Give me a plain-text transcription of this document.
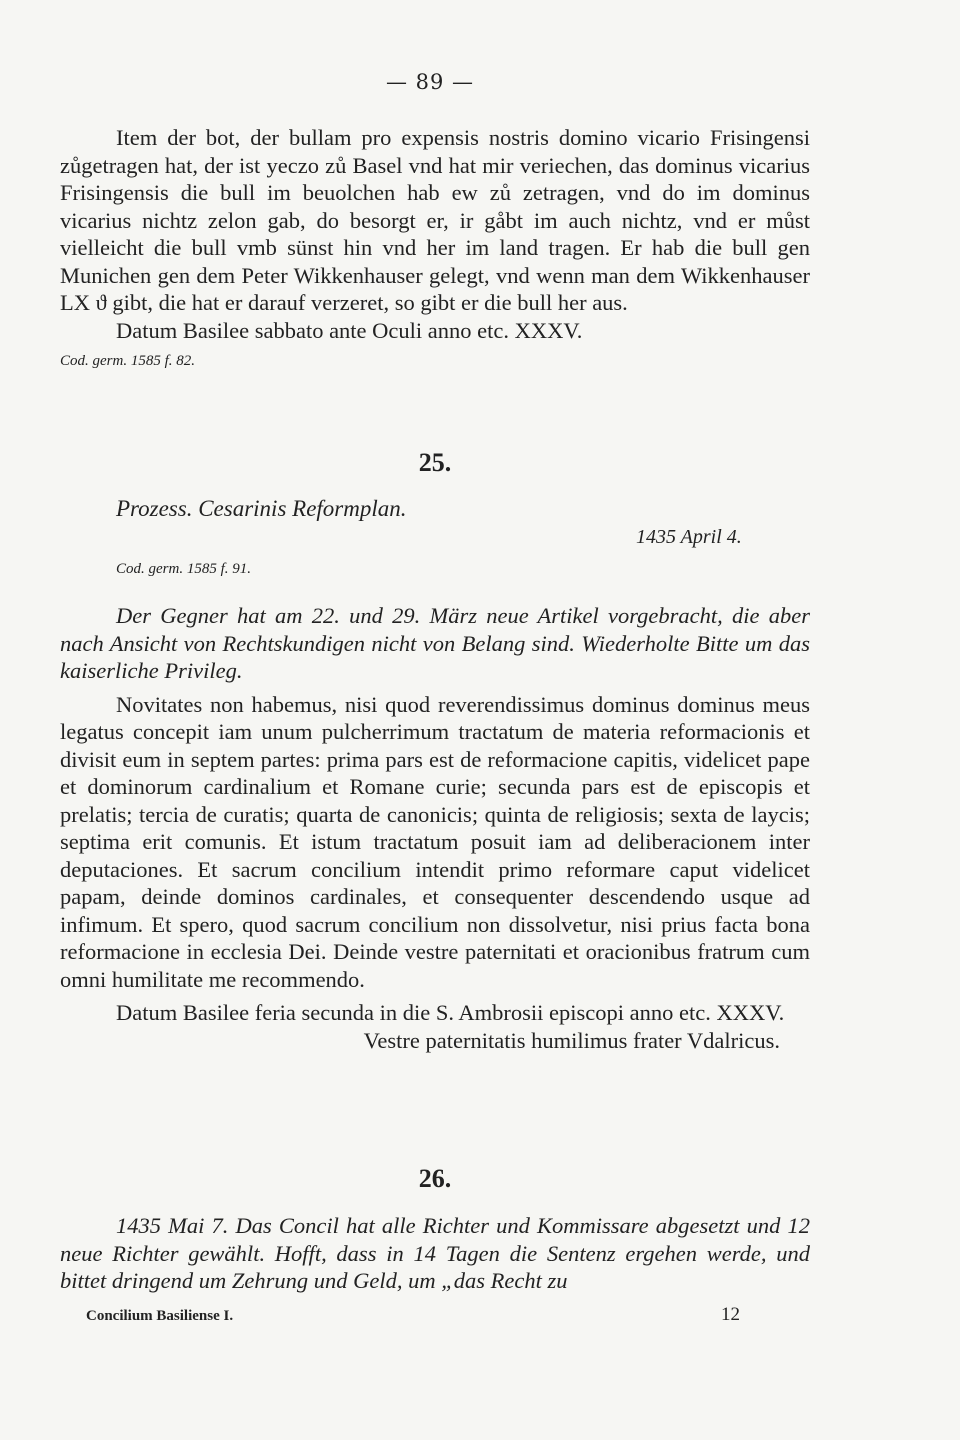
— 89 —

Item der bot, der bullam pro expensis nostris domino vicario Frisingensi zůgetragen hat, der ist yeczo zů Basel vnd hat mir veriechen, das dominus vicarius Frisingensis die bull im beuolchen hab ew zů zetragen, vnd do im dominus vicarius nichtz zelon gab, do besorgt er, ir gåbt im auch nichtz, vnd er můst vielleicht die bull vmb sünst hin vnd her im land tragen. Er hab die bull gen Munichen gen dem Peter Wikkenhauser gelegt, vnd wenn man dem Wikkenhauser LX ϑ gibt, die hat er darauf verzeret, so gibt er die bull her aus.

Datum Basilee sabbato ante Oculi anno etc. XXXV.

Cod. germ. 1585 f. 82.

25.
Prozess. Cesarinis Reformplan.
1435 April 4.
Cod. germ. 1585 f. 91.

Der Gegner hat am 22. und 29. März neue Artikel vorgebracht, die aber nach Ansicht von Rechtskundigen nicht von Belang sind. Wiederholte Bitte um das kaiserliche Privileg.

Novitates non habemus, nisi quod reverendissimus dominus dominus meus legatus concepit iam unum pulcherrimum tractatum de materia reformacionis et divisit eum in septem partes: prima pars est de reformacione capitis, videlicet pape et dominorum cardinalium et Romane curie; secunda pars est de episcopis et prelatis; tercia de curatis; quarta de canonicis; quinta de religiosis; sexta de laycis; septima erit comunis. Et istum tractatum posuit iam ad deliberacionem inter deputaciones. Et sacrum concilium intendit primo reformare caput videlicet papam, deinde dominos cardinales, et consequenter descendendo usque ad infimum. Et spero, quod sacrum concilium non dissolvetur, nisi prius facta bona reformacione in ecclesia Dei. Deinde vestre paternitati et oracionibus fratrum cum omni humilitate me recommendo.

Datum Basilee feria secunda in die S. Ambrosii episcopi anno etc. XXXV.

Vestre paternitatis humilimus frater Vdalricus.

26.

1435 Mai 7. Das Concil hat alle Richter und Kommissare abgesetzt und 12 neue Richter gewählt. Hofft, dass in 14 Tagen die Sentenz ergehen werde, und bittet dringend um Zehrung und Geld, um „das Recht zu

Concilium Basiliense I.	12
